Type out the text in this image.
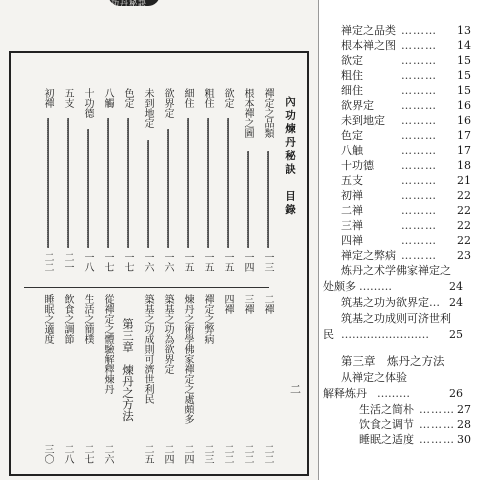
功丹秘訣
禪定之品類
一三
根本禪之圖
一四
欲定
一五
粗住
一五
細住
一五
欲界定
一六
未到地定
一六
色定
一七
八觸
一七
十功德
一八
五支
二一
初禪
二二
二禪
二二
三禪
二二
四禪
二二
禪定之弊病
二三
煉丹之術學佛家禪定之處頗多
二四
築基之功為欲界定
二四
築基之功成則可濟世利民
二五
第三章　煉丹之方法
從禪定之體驗解釋煉丹
二六
生活之簡樸
二七
飲食之調節
二八
睡眠之適度
三〇
內功煉丹秘訣　目錄
二
禅定之品类 ………	13
根本禅之图 ………	14
欲定	………	15
粗住	………	15
细住	………	15
欲界定 ………	16
未到地定 ………	16
色定	………	17
八触	………	17
十功德 ………	18
五支	………	21
初禅	………	22
二禅	………	22
三禅	………	22
四禅	………	22
禅定之弊病 ………	23
炼丹之术学佛家禅定之
处颇多 ………	24
筑基之功为欲界定 … 24
筑基之功成则可济世利
民 …………………… 25
第三章　炼丹之方法
从禅定之体验
解释炼丹 ………	26
生活之简朴 ……… 27
饮食之调节 ……… 28
睡眠之适度 ……… 30
